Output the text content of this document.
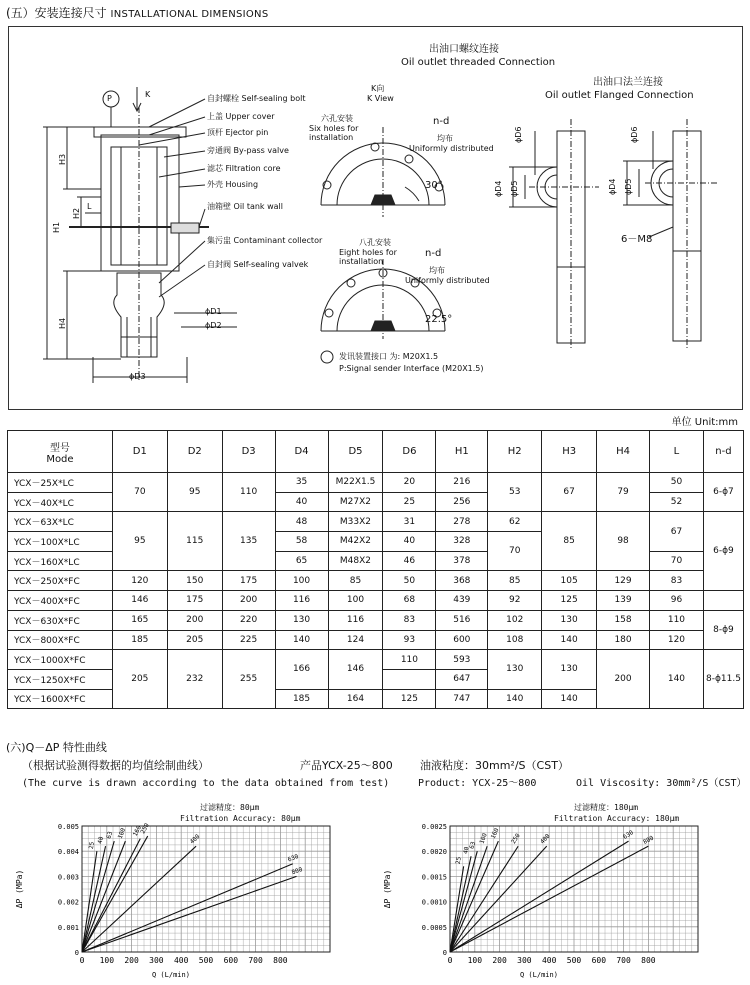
(五）安装连接尺寸 INSTALLATIONAL DIMENSIONS
出油口螺纹连接
Oil outlet threaded Connection
出油口法兰连接
Oil outlet Flanged Connection
P	K
K向
K View
自封螺栓 Self-sealing bolt
上盖 Upper cover
顶杆 Ejector pin
旁通阀 By-pass valve
滤芯 Filtration core
外壳 Housing
油箱壁 Oil tank wall
集污盅 Contaminant collector
自封阀 Self-sealing valvek
H1
H3
H2
H4
L
ϕD1
ϕD2
ϕD3
六孔安装
Six holes for installation
n-d
均布
Uniformly distributed
30°
八孔安装
Eight holes for installation
n-d
均布
Uniformly distributed
22.5°
发讯装置接口 为: M20X1.5
P:Signal sender Interface (M20X1.5)
ϕD6
ϕD4 ϕD5
ϕD6
ϕD4 ϕD5
6－M8
单位 Unit:mm
型号
Mode	D1	D2	D3	D4	D5	D6	H1	H2	H3	H4	L	n-d
YCX－25X*LC	70	95	110	35	M22X1.5	20	216	53	67	79	50	6-ϕ7
YCX－40X*LC				40	M27X2	25	256				52	
YCX－63X*LC	95	115	135	48	M33X2	31	278	62	85	98	67	6-ϕ9
YCX－100X*LC				58	M42X2	40	328	70				
YCX－160X*LC				65	M48X2	46	378				70	
YCX－250X*FC	120	150	175	100	85	50	368	85	105	129	83	
YCX－400X*FC	146	175	200	116	100	68	439	92	125	139	96	
YCX－630X*FC	165	200	220	130	116	83	516	102	130	158	110	8-ϕ9
YCX－800X*FC	185	205	225	140	124	93	600	108	140	180	120	
YCX－1000X*FC	205	232	255	166	146	110	593	130	130	200	140	8-ϕ11.5
YCX－1250X*FC							647					
YCX－1600X*FC				185	164	125	747	140	140			
(六)Q－ΔP 特性曲线
（根据试验测得数据的均值绘制曲线）	产品YCX-25～800 油液粘度：30mm²/S（CST）
(The curve is drawn according to the data obtained from test)	Product: YCX-25～800	Oil Viscosity: 30mm²/S（CST）
过滤精度：80μm
Filtration Accuracy: 80μm
0 100 200 300 400 500 600 700 800
0
0.001
0.002
0.003
0.004
0.005
Q (L/min)
ΔP (MPa)
25
40
63 100 160
250
400
630
800
过滤精度：180μm
Filtration Accuracy: 180μm
0 100 200 300 400 500 600 700 800
0
0.0005
0.0010
0.0015
0.0020
0.0025
Q (L/min)
ΔP (MPa)
25
40
63
100 160 250	400	630 800
